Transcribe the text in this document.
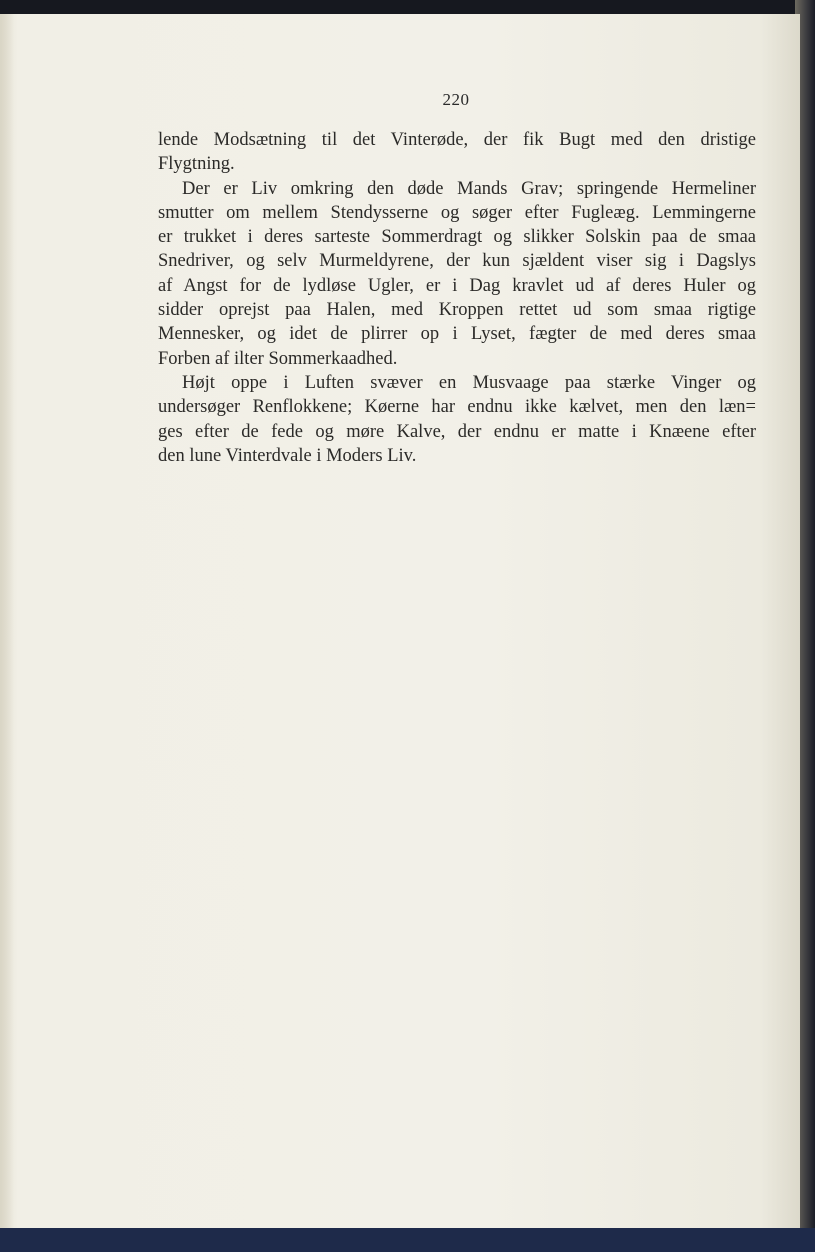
220
lende Modsætning til det Vinterøde, der fik Bugt med den dristige
Flygtning.
Der er Liv omkring den døde Mands Grav; springende Hermeliner
smutter om mellem Stendysserne og søger efter Fugleæg. Lemmingerne
er trukket i deres sarteste Sommerdragt og slikker Solskin paa de smaa
Snedriver, og selv Murmeldyrene, der kun sjældent viser sig i Dagslys
af Angst for de lydløse Ugler, er i Dag kravlet ud af deres Huler og
sidder oprejst paa Halen, med Kroppen rettet ud som smaa rigtige
Mennesker, og idet de plirrer op i Lyset, fægter de med deres smaa
Forben af ilter Sommerkaadhed.
Højt oppe i Luften svæver en Musvaage paa stærke Vinger og
undersøger Renflokkene; Køerne har endnu ikke kælvet, men den læn=
ges efter de fede og møre Kalve, der endnu er matte i Knæene efter
den lune Vinterdvale i Moders Liv.
